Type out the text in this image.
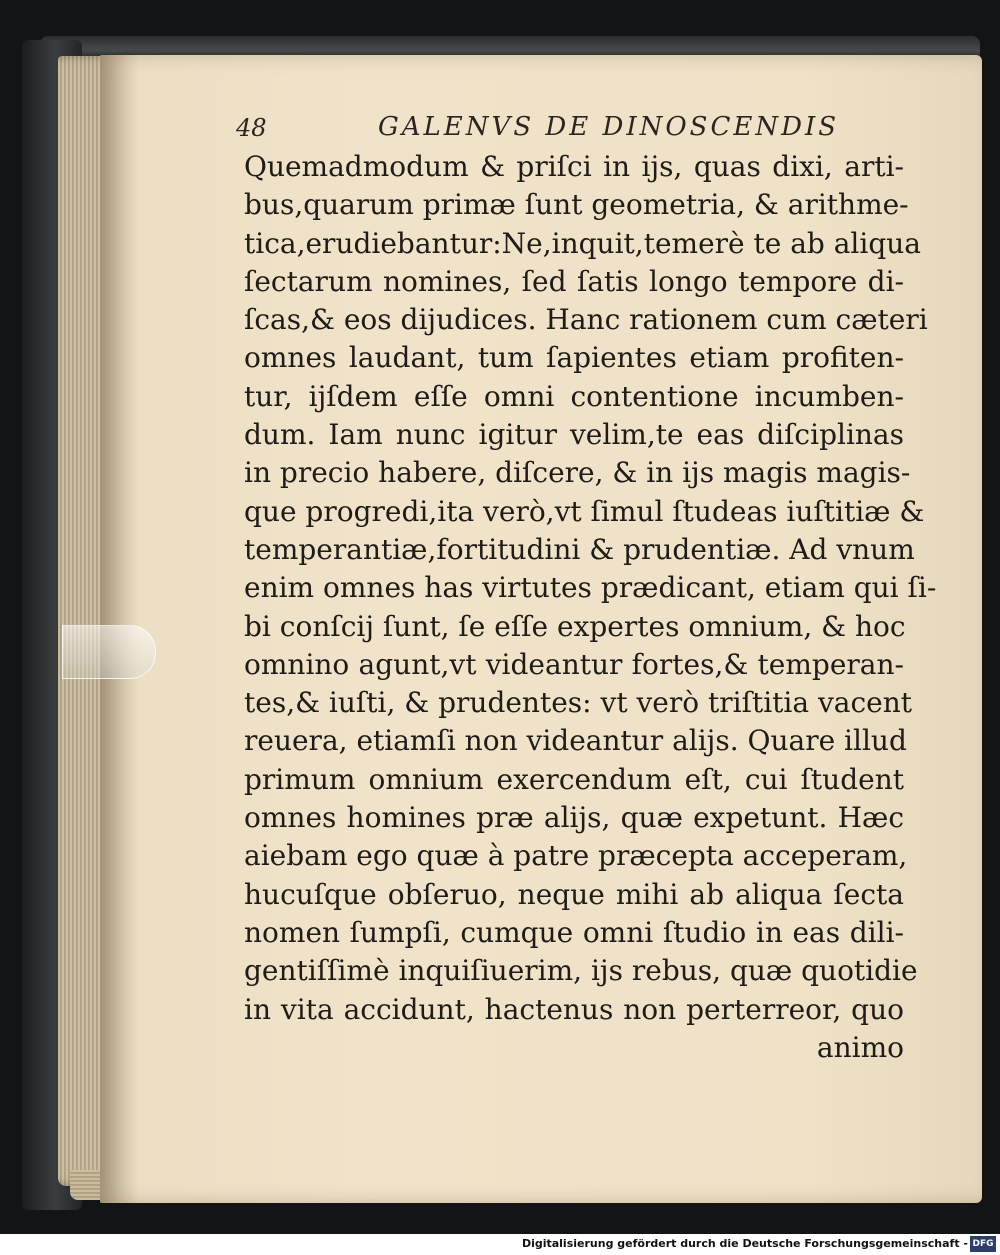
48	GALENVS DE DINOSCENDIS
Quemadmodum & priſci in ijs, quas dixi, arti-
bus,quarum primæ ſunt geometria, & arithme-
tica,erudiebantur:Ne,inquit,temerè te ab aliqua
ſectarum nomines, ſed ſatis longo tempore di-
ſcas,& eos dijudices. Hanc rationem cum cæteri
omnes laudant, tum ſapientes etiam profiten-
tur, ijſdem eſſe omni contentione incumben-
dum. Iam nunc igitur velim,te eas diſciplinas
in precio habere, diſcere, & in ijs magis magis-
que progredi,ita verò,vt ſimul ſtudeas iuſtitiæ &
temperantiæ,fortitudini & prudentiæ. Ad vnum
enim omnes has virtutes prædicant, etiam qui ſi-
bi conſcij ſunt, ſe eſſe expertes omnium, & hoc
omnino agunt,vt videantur fortes,& temperan-
tes,& iuſti, & prudentes: vt verò triſtitia vacent
reuera, etiamſi non videantur alijs. Quare illud
primum omnium exercendum eſt, cui ſtudent
omnes homines præ alijs, quæ expetunt. Hæc
aiebam ego quæ à patre præcepta acceperam,
hucuſque obſeruo, neque mihi ab aliqua ſecta
nomen ſumpſi, cumque omni ſtudio in eas dili-
gentiſſimè inquiſiuerim, ijs rebus, quæ quotidie
in vita accidunt, hactenus non perterreor, quo
animo
Digitalisierung gefördert durch die Deutsche Forschungsgemeinschaft - DFG
